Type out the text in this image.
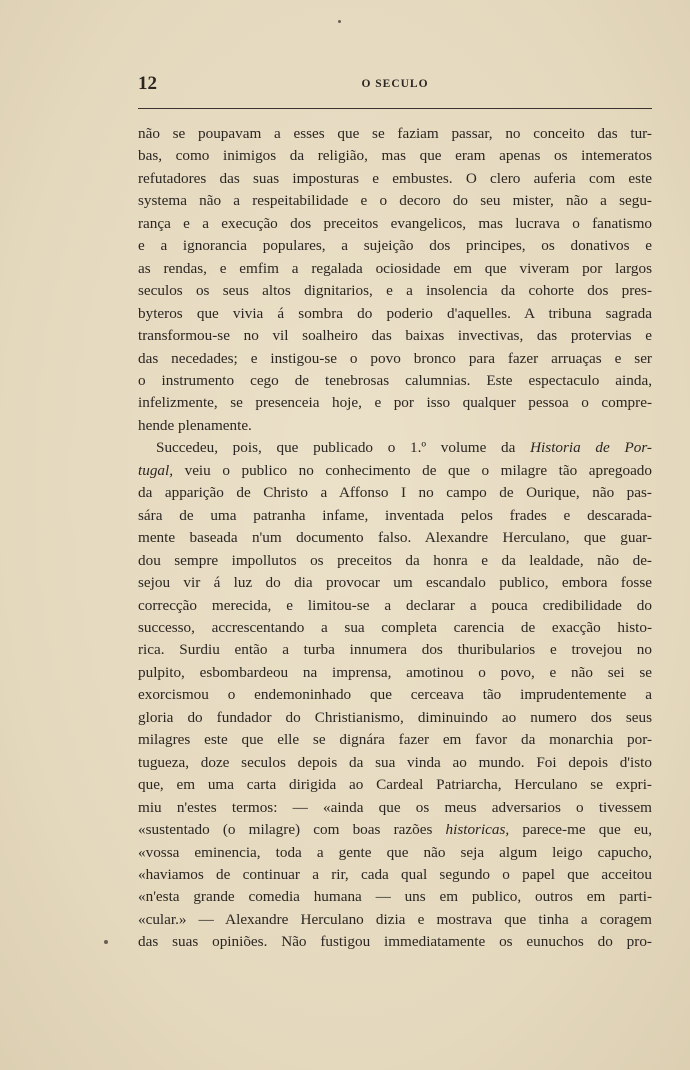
12	O SECULO
não se poupavam a esses que se faziam passar, no conceito das tur-
bas, como inimigos da religião, mas que eram apenas os intemeratos
refutadores das suas imposturas e embustes. O clero auferia com este
systema não a respeitabilidade e o decoro do seu mister, não a segu-
rança e a execução dos preceitos evangelicos, mas lucrava o fanatismo
e a ignorancia populares, a sujeição dos principes, os donativos e
as rendas, e emfim a regalada ociosidade em que viveram por largos
seculos os seus altos dignitarios, e a insolencia da cohorte dos pres-
byteros que vivia á sombra do poderio d'aquelles. A tribuna sagrada
transformou-se no vil soalheiro das baixas invectivas, das protervias e
das necedades; e instigou-se o povo bronco para fazer arruaças e ser
o instrumento cego de tenebrosas calumnias. Este espectaculo ainda,
infelizmente, se presenceia hoje, e por isso qualquer pessoa o compre-
hende plenamente.
Succedeu, pois, que publicado o 1.º volume da Historia de Por-
tugal, veiu o publico no conhecimento de que o milagre tão apregoado
da apparição de Christo a Affonso I no campo de Ourique, não pas-
sára de uma patranha infame, inventada pelos frades e descarada-
mente baseada n'um documento falso. Alexandre Herculano, que guar-
dou sempre impollutos os preceitos da honra e da lealdade, não de-
sejou vir á luz do dia provocar um escandalo publico, embora fosse
correcção merecida, e limitou-se a declarar a pouca credibilidade do
successo, accrescentando a sua completa carencia de exacção histo-
rica. Surdiu então a turba innumera dos thuribularios e trovejou no
pulpito, esbombardeou na imprensa, amotinou o povo, e não sei se
exorcismou o endemoninhado que cerceava tão imprudentemente a
gloria do fundador do Christianismo, diminuindo ao numero dos seus
milagres este que elle se dignára fazer em favor da monarchia por-
tugueza, doze seculos depois da sua vinda ao mundo. Foi depois d'isto
que, em uma carta dirigida ao Cardeal Patriarcha, Herculano se expri-
miu n'estes termos: — «ainda que os meus adversarios o tivessem
«sustentado (o milagre) com boas razões historicas, parece-me que eu,
«vossa eminencia, toda a gente que não seja algum leigo capucho,
«haviamos de continuar a rir, cada qual segundo o papel que acceitou
«n'esta grande comedia humana — uns em publico, outros em parti-
«cular.» — Alexandre Herculano dizia e mostrava que tinha a coragem
das suas opiniões. Não fustigou immediatamente os eunuchos do pro-
